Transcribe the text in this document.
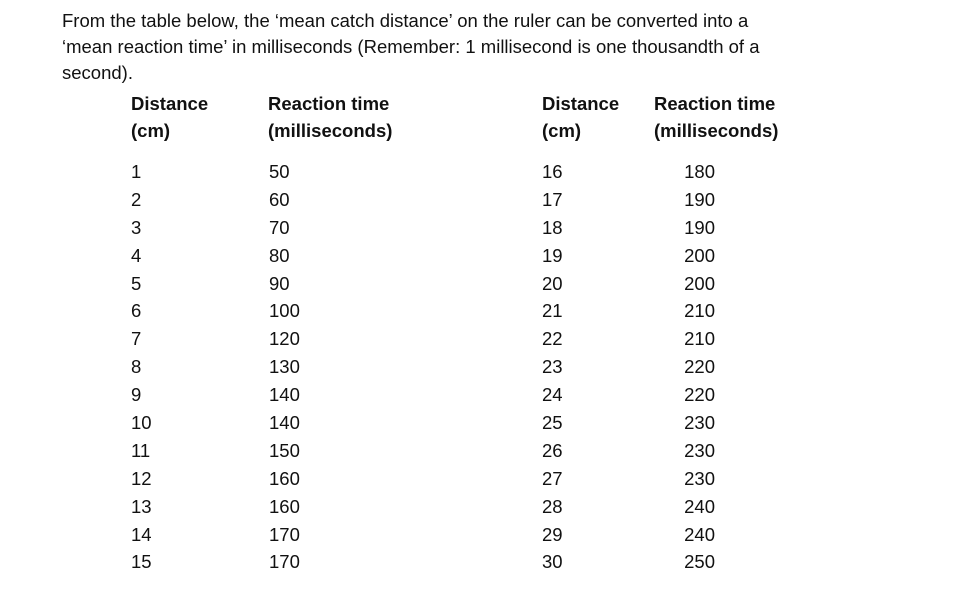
From the table below, the ‘mean catch distance’ on the ruler can be converted into a
‘mean reaction time’ in milliseconds (Remember: 1 millisecond is one thousandth of a
second).

Distance
(cm)
Reaction time
(milliseconds)
Distance
(cm)
Reaction time
(milliseconds)
1
2
3
4
5
6
7
8
9
10
11
12
13
14
15
50
60
70
80
90
100
120
130
140
140
150
160
160
170
170
16
17
18
19
20
21
22
23
24
25
26
27
28
29
30
180
190
190
200
200
210
210
220
220
230
230
230
240
240
250
